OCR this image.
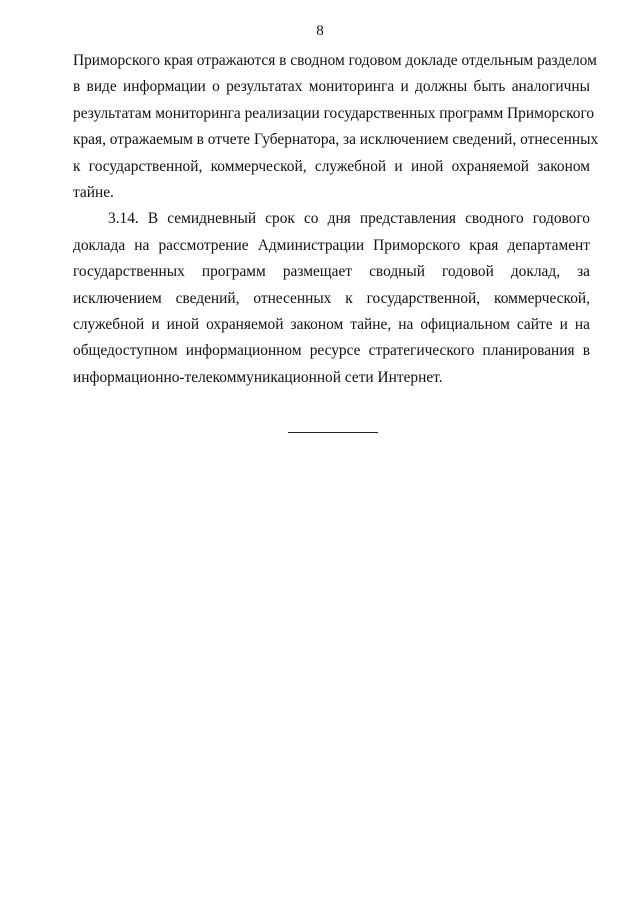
8

Приморского края отражаются в сводном годовом докладе отдельным разделом
в виде информации о результатах мониторинга и должны быть аналогичны
результатам мониторинга реализации государственных программ Приморского
края, отражаемым в отчете Губернатора, за исключением сведений, отнесенных
к государственной, коммерческой, служебной и иной охраняемой законом
тайне.

3.14. В семидневный срок со дня представления сводного годового
доклада на рассмотрение Администрации Приморского края департамент
государственных программ размещает сводный годовой доклад, за
исключением сведений, отнесенных к государственной, коммерческой,
служебной и иной охраняемой законом тайне, на официальном сайте и на
общедоступном информационном ресурсе стратегического планирования в
информационно-телекоммуникационной сети Интернет.
